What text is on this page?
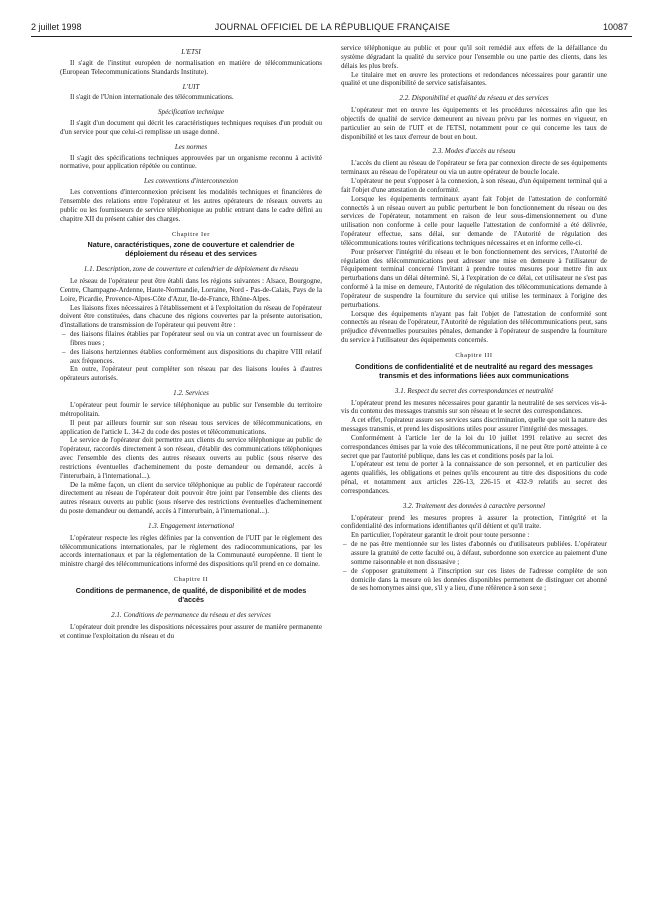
2 juillet 1998	JOURNAL OFFICIEL DE LA RÉPUBLIQUE FRANÇAISE	10087

L'ETSI

Il s'agit de l'institut européen de normalisation en matière de télécommunications (European Telecommunications Standards Institute).

L'UIT

Il s'agit de l'Union internationale des télécommunications.

Spécification technique

Il s'agit d'un document qui décrit les caractéristiques techniques requises d'un produit ou d'un service pour que celui-ci remplisse un usage donné.

Les normes

Il s'agit des spécifications techniques approuvées par un organisme reconnu à activité normative, pour application répétée ou continue.

Les conventions d'interconnexion

Les conventions d'interconnexion précisent les modalités techniques et financières de l'ensemble des relations entre l'opérateur et les autres opérateurs de réseaux ouverts au public ou les fournisseurs de service téléphonique au public entrant dans le cadre défini au chapitre XII du présent cahier des charges.

Chapitre Ier

Nature, caractéristiques, zone de couverture et calendrier de déploiement du réseau et des services

1.1. Description, zone de couverture et calendrier de déploiement du réseau

Le réseau de l'opérateur peut être établi dans les régions suivantes : Alsace, Bourgogne, Centre, Champagne-Ardenne, Haute-Normandie, Lorraine, Nord - Pas-de-Calais, Pays de la Loire, Picardie, Provence-Alpes-Côte d'Azur, Ile-de-France, Rhône-Alpes.

Les liaisons fixes nécessaires à l'établissement et à l'exploitation du réseau de l'opérateur doivent être constituées, dans chacune des régions couvertes par la présente autorisation, d'installations de transmission de l'opérateur qui peuvent être :

– des liaisons filaires établies par l'opérateur seul ou via un contrat avec un fournisseur de fibres nues ;

– des liaisons hertziennes établies conformément aux dispositions du chapitre VIII relatif aux fréquences.

En outre, l'opérateur peut compléter son réseau par des liaisons louées à d'autres opérateurs autorisés.

1.2. Services

L'opérateur peut fournir le service téléphonique au public sur l'ensemble du territoire métropolitain.

Il peut par ailleurs fournir sur son réseau tous services de télécommunications, en application de l'article L. 34-2 du code des postes et télécommunications.

Le service de l'opérateur doit permettre aux clients du service téléphonique au public de l'opérateur, raccordés directement à son réseau, d'établir des communications téléphoniques avec l'ensemble des clients des autres réseaux ouverts au public (sous réserve des restrictions éventuelles d'acheminement du poste demandeur ou demandé, accès à l'interurbain, à l'international...).

De la même façon, un client du service téléphonique au public de l'opérateur raccordé directement au réseau de l'opérateur doit pouvoir être joint par l'ensemble des clients des autres réseaux ouverts au public (sous réserve des restrictions éventuelles d'acheminement du poste demandeur ou demandé, accès à l'interurbain, à l'international...).

1.3. Engagement international

L'opérateur respecte les règles définies par la convention de l'UIT par le règlement des télécommunications internationales, par le règlement des radiocommunications, par les accords internationaux et par la réglementation de la Communauté européenne. Il tient le ministre chargé des télécommunications informé des dispositions qu'il prend en ce domaine.

Chapitre II

Conditions de permanence, de qualité, de disponibilité et de modes d'accès

2.1. Conditions de permanence du réseau et des services

L'opérateur doit prendre les dispositions nécessaires pour assurer de manière permanente et continue l'exploitation du réseau et du

service téléphonique au public et pour qu'il soit remédié aux effets de la défaillance du système dégradant la qualité du service pour l'ensemble ou une partie des clients, dans les délais les plus brefs.

Le titulaire met en œuvre les protections et redondances nécessaires pour garantir une qualité et une disponibilité de service satisfaisantes.

2.2. Disponibilité et qualité du réseau et des services

L'opérateur met en œuvre les équipements et les procédures nécessaires afin que les objectifs de qualité de service demeurent au niveau prévu par les normes en vigueur, en particulier au sein de l'UIT et de l'ETSI, notamment pour ce qui concerne les taux de disponibilité et les taux d'erreur de bout en bout.

2.3. Modes d'accès au réseau

L'accès du client au réseau de l'opérateur se fera par connexion directe de ses équipements terminaux au réseau de l'opérateur ou via un autre opérateur de boucle locale.

L'opérateur ne peut s'opposer à la connexion, à son réseau, d'un équipement terminal qui a fait l'objet d'une attestation de conformité.

Lorsque les équipements terminaux ayant fait l'objet de l'attestation de conformité connectés à un réseau ouvert au public perturbent le bon fonctionnement du réseau ou des services de l'opérateur, notamment en raison de leur sous-dimensionnement ou d'une utilisation non conforme à celle pour laquelle l'attestation de conformité a été délivrée, l'opérateur effectue, sans délai, sur demande de l'Autorité de régulation des télécommunications toutes vérifications techniques nécessaires et en informe celle-ci.

Pour préserver l'intégrité du réseau et le bon fonctionnement des services, l'Autorité de régulation des télécommunications peut adresser une mise en demeure à l'utilisateur de l'équipement terminal concerné l'invitant à prendre toutes mesures pour mettre fin aux perturbations dans un délai déterminé. Si, à l'expiration de ce délai, cet utilisateur ne s'est pas conformé à la mise en demeure, l'Autorité de régulation des télécommunications demande à l'opérateur de suspendre la fourniture du service qui utilise les terminaux à l'origine des perturbations.

Lorsque des équipements n'ayant pas fait l'objet de l'attestation de conformité sont connectés au réseau de l'opérateur, l'Autorité de régulation des télécommunications peut, sans préjudice d'éventuelles poursuites pénales, demander à l'opérateur de suspendre la fourniture du service à l'utilisateur des équipements concernés.

Chapitre III

Conditions de confidentialité et de neutralité au regard des messages transmis et des informations liées aux communications

3.1. Respect du secret des correspondances et neutralité

L'opérateur prend les mesures nécessaires pour garantir la neutralité de ses services vis-à-vis du contenu des messages transmis sur son réseau et le secret des correspondances.

A cet effet, l'opérateur assure ses services sans discrimination, quelle que soit la nature des messages transmis, et prend les dispositions utiles pour assurer l'intégrité des messages.

Conformément à l'article 1er de la loi du 10 juillet 1991 relative au secret des correspondances émises par la voie des télécommunications, il ne peut être porté atteinte à ce secret que par l'autorité publique, dans les cas et conditions posés par la loi.

L'opérateur est tenu de porter à la connaissance de son personnel, et en particulier des agents qualifiés, les obligations et peines qu'ils encourent au titre des dispositions du code pénal, et notamment aux articles 226-13, 226-15 et 432-9 relatifs au secret des correspondances.

3.2. Traitement des données à caractère personnel

L'opérateur prend les mesures propres à assurer la protection, l'intégrité et la confidentialité des informations identifiantes qu'il détient et qu'il traite.

En particulier, l'opérateur garantit le droit pour toute personne :

– de ne pas être mentionnée sur les listes d'abonnés ou d'utilisateurs publiées. L'opérateur assure la gratuité de cette faculté ou, à défaut, subordonne son exercice au paiement d'une somme raisonnable et non dissuasive ;

– de s'opposer gratuitement à l'inscription sur ces listes de l'adresse complète de son domicile dans la mesure où les données disponibles permettent de distinguer cet abonné de ses homonymes ainsi que, s'il y a lieu, d'une référence à son sexe ;
